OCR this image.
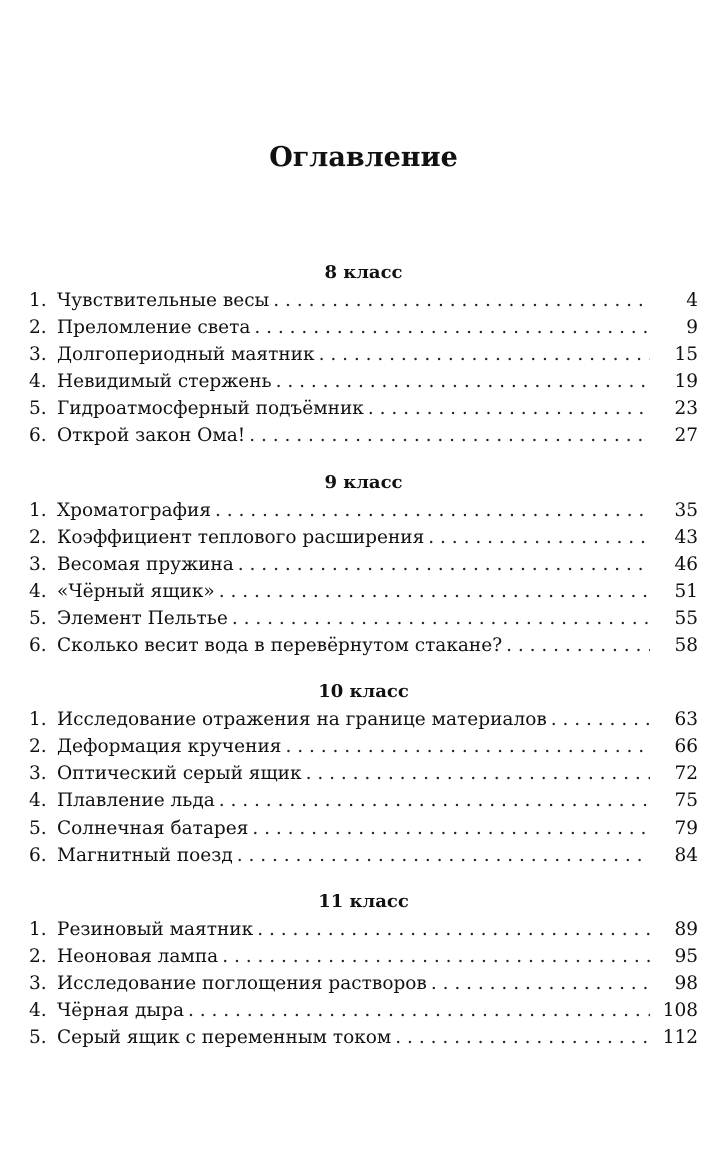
Оглавление
8 класс
1. Чувствительные весы . . .	4
2. Преломление света . . .	9
3. Долгопериодный маятник . . .	15
4. Невидимый стержень . . .	19
5. Гидроатмосферный подъёмник . . .	23
6. Открой закон Ома! . . .	27
9 класс
1. Хроматография . . .	35
2. Коэффициент теплового расширения . . .	43
3. Весомая пружина . . .	46
4. «Чёрный ящик» . . .	51
5. Элемент Пельтье . . .	55
6. Сколько весит вода в перевёрнутом стакане? . . .	58
10 класс
1. Исследование отражения на границе материалов . . .	63
2. Деформация кручения . . .	66
3. Оптический серый ящик . . .	72
4. Плавление льда . . .	75
5. Солнечная батарея . . .	79
6. Магнитный поезд . . .	84
11 класс
1. Резиновый маятник . . .	89
2. Неоновая лампа . . .	95
3. Исследование поглощения растворов . . .	98
4. Чёрная дыра . . .	108
5. Серый ящик с переменным током . . .	112
